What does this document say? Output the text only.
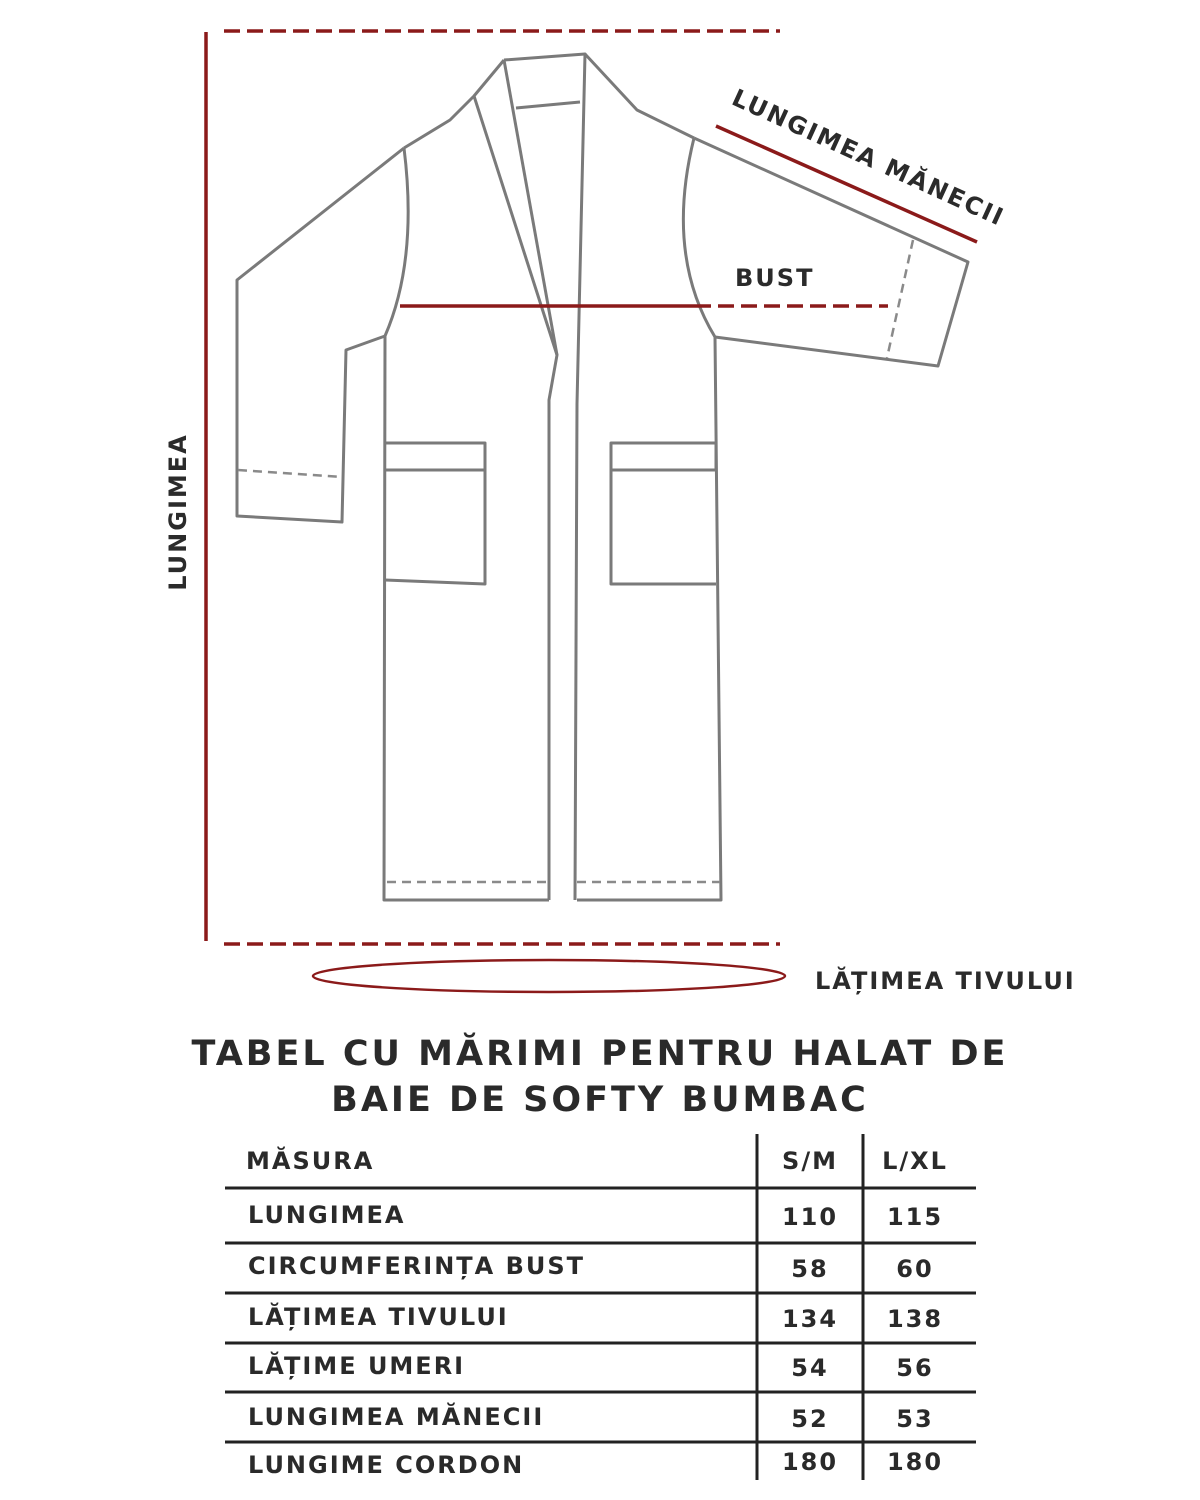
LUNGIMEA
LUNGIMEA MĂNECII
BUST
LĂȚIMEA TIVULUI
TABEL CU MĂRIMI PENTRU HALAT DE
BAIE DE SOFTY BUMBAC
MĂSURA	S/M	L/XL
LUNGIMEA	110	115
CIRCUMFERINȚA BUST	58	60
LĂȚIMEA TIVULUI	134	138
LĂȚIME UMERI	54	56
LUNGIMEA MĂNECII	52	53
LUNGIME CORDON	180	180
